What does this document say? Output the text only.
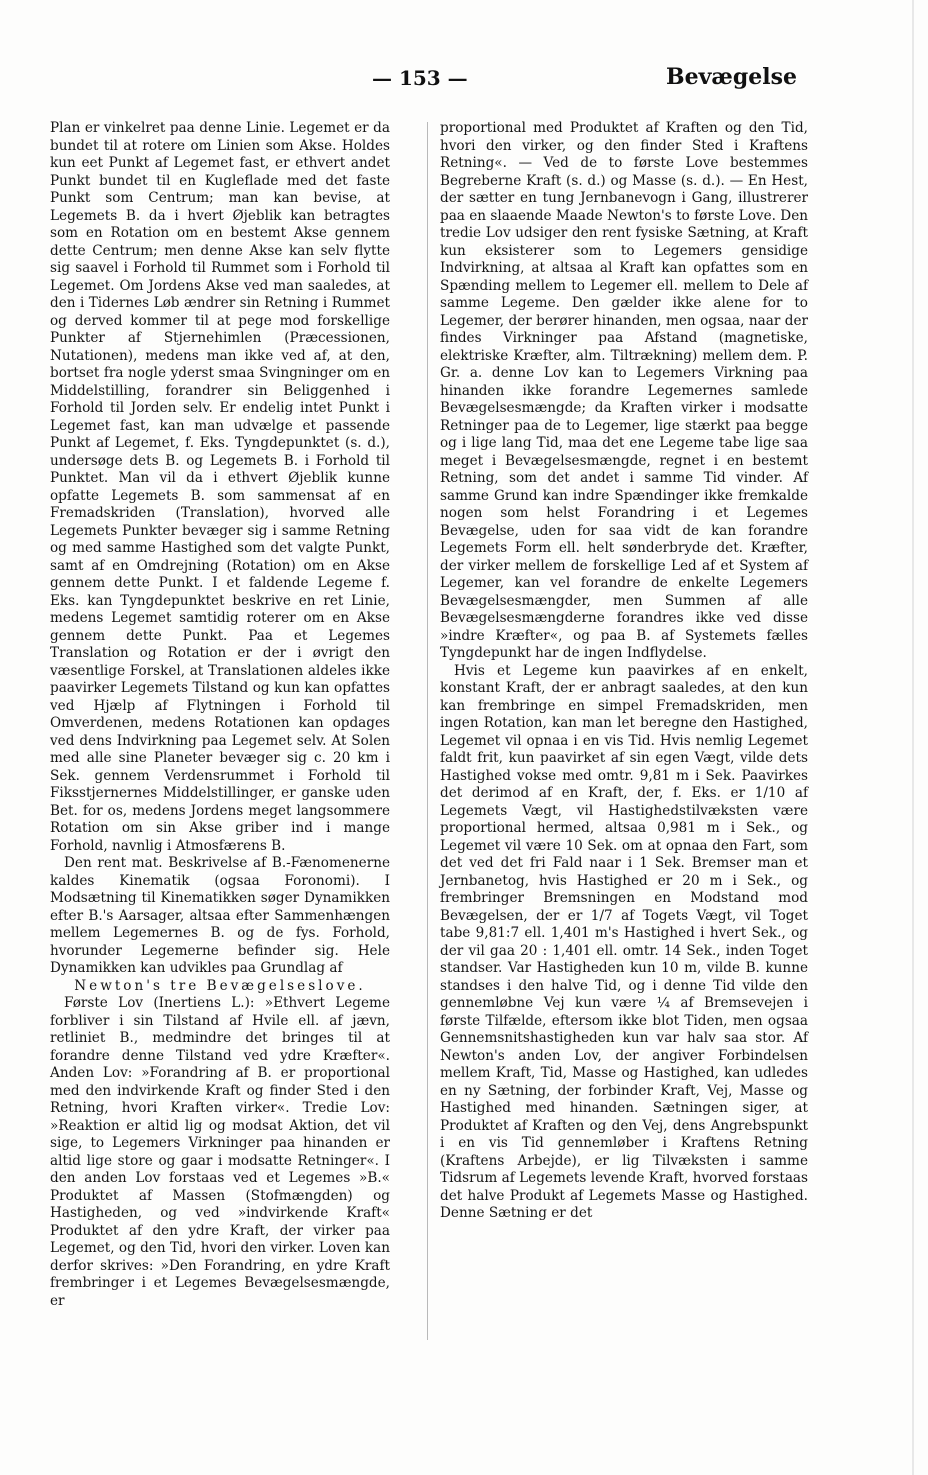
— 153 —	Bevægelse

Plan er vinkelret paa denne Linie. Legemet er da bundet til at rotere om Linien som Akse. Holdes kun eet Punkt af Legemet fast, er ethvert andet Punkt bundet til en Kugleflade med det faste Punkt som Centrum; man kan bevise, at Legemets B. da i hvert Øjeblik kan betragtes som en Rotation om en bestemt Akse gennem dette Centrum; men denne Akse kan selv flytte sig saavel i Forhold til Rummet som i Forhold til Legemet. Om Jordens Akse ved man saaledes, at den i Tidernes Løb ændrer sin Retning i Rummet og derved kommer til at pege mod forskellige Punkter af Stjernehimlen (Præcessionen, Nutationen), medens man ikke ved af, at den, bortset fra nogle yderst smaa Svingninger om en Middelstilling, forandrer sin Beliggenhed i Forhold til Jorden selv. Er endelig intet Punkt i Legemet fast, kan man udvælge et passende Punkt af Legemet, f. Eks. Tyngdepunktet (s. d.), undersøge dets B. og Legemets B. i Forhold til Punktet. Man vil da i ethvert Øjeblik kunne opfatte Legemets B. som sammensat af en Fremadskriden (Translation), hvorved alle Legemets Punkter bevæger sig i samme Retning og med samme Hastighed som det valgte Punkt, samt af en Omdrejning (Rotation) om en Akse gennem dette Punkt. I et faldende Legeme f. Eks. kan Tyngdepunktet beskrive en ret Linie, medens Legemet samtidig roterer om en Akse gennem dette Punkt. Paa et Legemes Translation og Rotation er der i øvrigt den væsentlige Forskel, at Translationen aldeles ikke paavirker Legemets Tilstand og kun kan opfattes ved Hjælp af Flytningen i Forhold til Omverdenen, medens Rotationen kan opdages ved dens Indvirkning paa Legemet selv. At Solen med alle sine Planeter bevæger sig c. 20 km i Sek. gennem Verdensrummet i Forhold til Fiksstjernernes Middelstillinger, er ganske uden Bet. for os, medens Jordens meget langsommere Rotation om sin Akse griber ind i mange Forhold, navnlig i Atmosfærens B.

Den rent mat. Beskrivelse af B.-Fænomenerne kaldes Kinematik (ogsaa Foronomi). I Modsætning til Kinematikken søger Dynamikken efter B.'s Aarsager, altsaa efter Sammenhængen mellem Legemernes B. og de fys. Forhold, hvorunder Legemerne befinder sig. Hele Dynamikken kan udvikles paa Grundlag af

Newton's tre Bevægelseslove.

Første Lov (Inertiens L.): »Ethvert Legeme forbliver i sin Tilstand af Hvile ell. af jævn, retliniet B., medmindre det bringes til at forandre denne Tilstand ved ydre Kræfter«. Anden Lov: »Forandring af B. er proportional med den indvirkende Kraft og finder Sted i den Retning, hvori Kraften virker«. Tredie Lov: »Reaktion er altid lig og modsat Aktion, det vil sige, to Legemers Virkninger paa hinanden er altid lige store og gaar i modsatte Retninger«. I den anden Lov forstaas ved et Legemes »B.« Produktet af Massen (Stofmængden) og Hastigheden, og ved »indvirkende Kraft« Produktet af den ydre Kraft, der virker paa Legemet, og den Tid, hvori den virker. Loven kan derfor skrives: »Den Forandring, en ydre Kraft frembringer i et Legemes Bevægelsesmængde, er

proportional med Produktet af Kraften og den Tid, hvori den virker, og den finder Sted i Kraftens Retning«. — Ved de to første Love bestemmes Begreberne Kraft (s. d.) og Masse (s. d.). — En Hest, der sætter en tung Jernbanevogn i Gang, illustrerer paa en slaaende Maade Newton's to første Love. Den tredie Lov udsiger den rent fysiske Sætning, at Kraft kun eksisterer som to Legemers gensidige Indvirkning, at altsaa al Kraft kan opfattes som en Spænding mellem to Legemer ell. mellem to Dele af samme Legeme. Den gælder ikke alene for to Legemer, der berører hinanden, men ogsaa, naar der findes Virkninger paa Afstand (magnetiske, elektriske Kræfter, alm. Tiltrækning) mellem dem. P. Gr. a. denne Lov kan to Legemers Virkning paa hinanden ikke forandre Legemernes samlede Bevægelsesmængde; da Kraften virker i modsatte Retninger paa de to Legemer, lige stærkt paa begge og i lige lang Tid, maa det ene Legeme tabe lige saa meget i Bevægelsesmængde, regnet i en bestemt Retning, som det andet i samme Tid vinder. Af samme Grund kan indre Spændinger ikke fremkalde nogen som helst Forandring i et Legemes Bevægelse, uden for saa vidt de kan forandre Legemets Form ell. helt sønderbryde det. Kræfter, der virker mellem de forskellige Led af et System af Legemer, kan vel forandre de enkelte Legemers Bevægelsesmængder, men Summen af alle Bevægelsesmængderne forandres ikke ved disse »indre Kræfter«, og paa B. af Systemets fælles Tyngdepunkt har de ingen Indflydelse.

Hvis et Legeme kun paavirkes af en enkelt, konstant Kraft, der er anbragt saaledes, at den kun kan frembringe en simpel Fremadskriden, men ingen Rotation, kan man let beregne den Hastighed, Legemet vil opnaa i en vis Tid. Hvis nemlig Legemet faldt frit, kun paavirket af sin egen Vægt, vilde dets Hastighed vokse med omtr. 9,81 m i Sek. Paavirkes det derimod af en Kraft, der, f. Eks. er 1/10 af Legemets Vægt, vil Hastighedstilvæksten være proportional hermed, altsaa 0,981 m i Sek., og Legemet vil være 10 Sek. om at opnaa den Fart, som det ved det fri Fald naar i 1 Sek. Bremser man et Jernbanetog, hvis Hastighed er 20 m i Sek., og frembringer Bremsningen en Modstand mod Bevægelsen, der er 1/7 af Togets Vægt, vil Toget tabe 9,81:7 ell. 1,401 m's Hastighed i hvert Sek., og der vil gaa 20 : 1,401 ell. omtr. 14 Sek., inden Toget standser. Var Hastigheden kun 10 m, vilde B. kunne standses i den halve Tid, og i denne Tid vilde den gennemløbne Vej kun være ¼ af Bremsevejen i første Tilfælde, eftersom ikke blot Tiden, men ogsaa Gennemsnitshastigheden kun var halv saa stor. Af Newton's anden Lov, der angiver Forbindelsen mellem Kraft, Tid, Masse og Hastighed, kan udledes en ny Sætning, der forbinder Kraft, Vej, Masse og Hastighed med hinanden. Sætningen siger, at Produktet af Kraften og den Vej, dens Angrebspunkt i en vis Tid gennemløber i Kraftens Retning (Kraftens Arbejde), er lig Tilvæksten i samme Tidsrum af Legemets levende Kraft, hvorved forstaas det halve Produkt af Legemets Masse og Hastighed. Denne Sætning er det
